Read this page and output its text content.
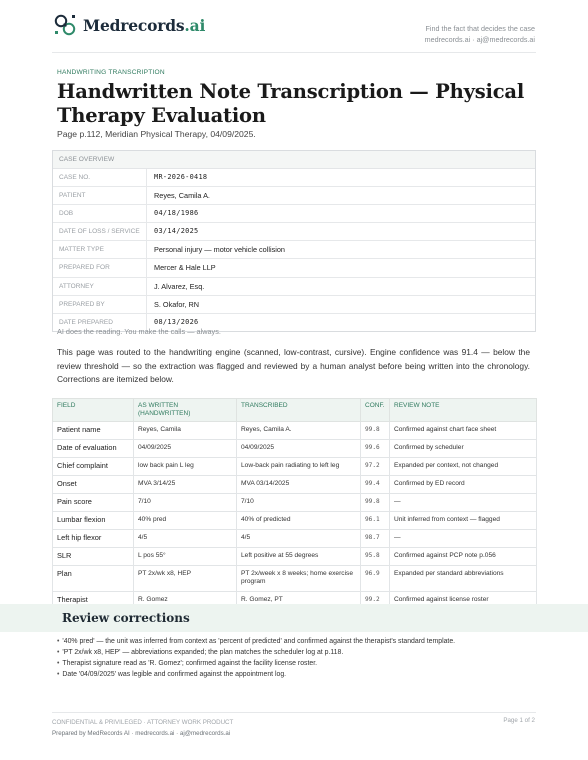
Medrecords.ai	Find the fact that decides the case
medrecords.ai · aj@medrecords.ai
HANDWRITING TRANSCRIPTION
Handwritten Note Transcription — Physical Therapy Evaluation
Page p.112, Meridian Physical Therapy, 04/09/2025.
CASE OVERVIEW
CASE NO.	MR-2026-0418
PATIENT	Reyes, Camila A.
DOB	04/18/1986
DATE OF LOSS / SERVICE	03/14/2025
MATTER TYPE	Personal injury — motor vehicle collision
PREPARED FOR	Mercer & Hale LLP
ATTORNEY	J. Alvarez, Esq.
PREPARED BY	S. Okafor, RN
DATE PREPARED	08/13/2026
AI does the reading. You make the calls — always.

This page was routed to the handwriting engine (scanned, low-contrast, cursive). Engine confidence was 91.4 — below the review threshold — so the extraction was flagged and reviewed by a human analyst before being written into the chronology. Corrections are itemized below.

FIELD	AS WRITTEN (HANDWRITTEN)	TRANSCRIBED	CONF.	REVIEW NOTE
Patient name	Reyes, Camila	Reyes, Camila A.	99.8	Confirmed against chart face sheet
Date of evaluation	04/09/2025	04/09/2025	99.6	Confirmed by scheduler
Chief complaint	low back pain L leg	Low-back pain radiating to left leg	97.2	Expanded per context, not changed
Onset	MVA 3/14/25	MVA 03/14/2025	99.4	Confirmed by ED record
Pain score	7/10	7/10	99.8	—
Lumbar flexion	40% pred	40% of predicted	96.1	Unit inferred from context — flagged
Left hip flexor	4/5	4/5	98.7	—
SLR	L pos 55°	Left positive at 55 degrees	95.8	Confirmed against PCP note p.056
Plan	PT 2x/wk x8, HEP	PT 2x/week x 8 weeks; home exercise program	96.9	Expanded per standard abbreviations
Therapist	R. Gomez	R. Gomez, PT	99.2	Confirmed against license roster
Review corrections
• '40% pred' — the unit was inferred from context as 'percent of predicted' and confirmed against the therapist's standard template.
• 'PT 2x/wk x8, HEP' — abbreviations expanded; the plan matches the scheduler log at p.118.
• Therapist signature read as 'R. Gomez'; confirmed against the facility license roster.
• Date '04/09/2025' was legible and confirmed against the appointment log.
CONFIDENTIAL & PRIVILEGED · ATTORNEY WORK PRODUCT
Prepared by MedRecords AI · medrecords.ai · aj@medrecords.ai
Page 1 of 2
